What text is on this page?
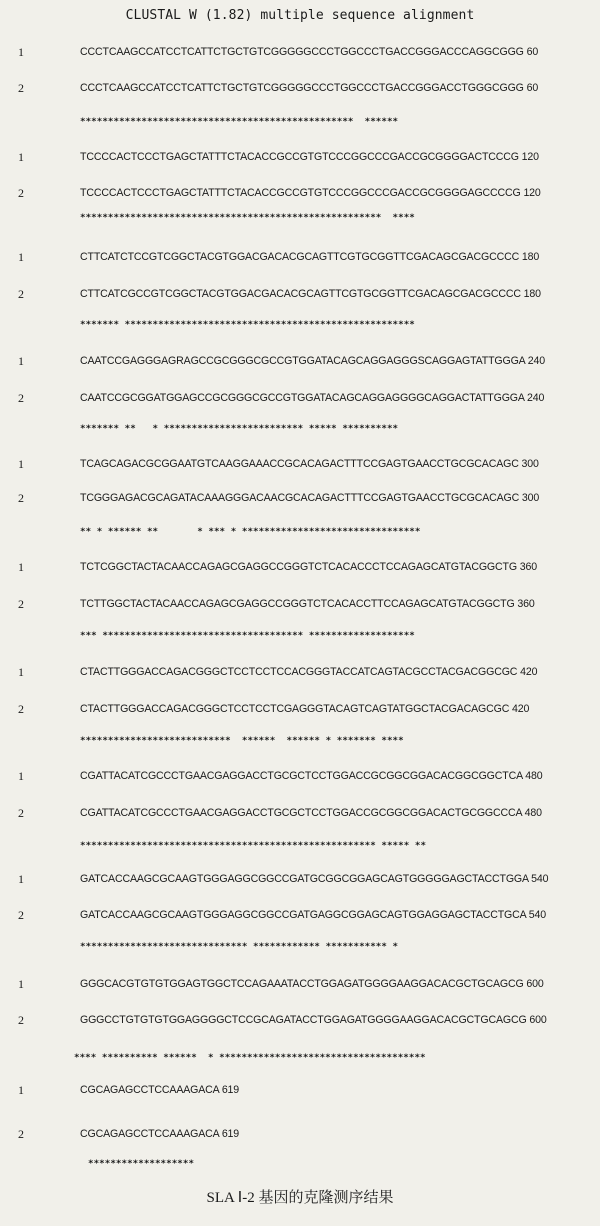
CLUSTAL W (1.82) multiple sequence alignment
1	CCCTCAAGCCATCCTCATTCTGCTGTCGGGGGCCCTGGCCCTGACCGGGACCCAGGCGGG 60
2	CCCTCAAGCCATCCTCATTCTGCTGTCGGGGGCCCTGGCCCTGACCGGGACCTGGGCGGG 60
*************************************************  ******
1	TCCCCACTCCCTGAGCTATTTCTACACCGCCGTGTCCCGGCCCGACCGCGGGGACTCCCG 120
2	TCCCCACTCCCTGAGCTATTTCTACACCGCCGTGTCCCGGCCCGACCGCGGGGAGCCCCG 120
******************************************************  ****
1	CTTCATCTCCGTCGGCTACGTGGACGACACGCAGTTCGTGCGGTTCGACAGCGACGCCCC 180
2	CTTCATCGCCGTCGGCTACGTGGACGACACGCAGTTCGTGCGGTTCGACAGCGACGCCCC 180
******* ****************************************************
1	CAATCCGAGGGAGRAGCCGCGGGCGCCGTGGATACAGCAGGAGGGSCAGGAGTATTGGGA 240
2	CAATCCGCGGATGGAGCCGCGGGCGCCGTGGATACAGCAGGAGGGGCAGGACTATTGGGA 240
******* **   * ************************* ***** **********
1	TCAGCAGACGCGGAATGTCAAGGAAACCGCACAGACTTTCCGAGTGAACCTGCGCACAGC 300
2	TCGGGAGACGCAGATACAAAGGGACAACGCACAGACTTTCCGAGTGAACCTGCGCACAGC 300
** * ****** **       * *** * ********************************
1	TCTCGGCTACTACAACCAGAGCGAGGCCGGGTCTCACACCCTCCAGAGCATGTACGGCTG 360
2	TCTTGGCTACTACAACCAGAGCGAGGCCGGGTCTCACACCTTCCAGAGCATGTACGGCTG 360
*** ************************************ *******************
1	CTACTTGGGACCAGACGGGCTCCTCCTCCACGGGTACCATCAGTACGCCTACGACGGCGC 420
2	CTACTTGGGACCAGACGGGCTCCTCCTCGAGGGTACAGTCAGTATGGCTACGACAGCGC 420
***************************  ******  ****** * ******* ****
1	CGATTACATCGCCCTGAACGAGGACCTGCGCTCCTGGACCGCGGCGGACACGGCGGCTCA 480
2	CGATTACATCGCCCTGAACGAGGACCTGCGCTCCTGGACCGCGGCGGACACTGCGGCCCA 480
***************************************************** ***** **
1	GATCACCAAGCGCAAGTGGGAGGCGGCCGATGCGGCGGAGCAGTGGGGGAGCTACCTGGA 540
2	GATCACCAAGCGCAAGTGGGAGGCGGCCGATGAGGCGGAGCAGTGGAGGAGCTACCTGCA 540
****************************** ************ *********** *
1	GGGCACGTGTGTGGAGTGGCTCCAGAAATACCTGGAGATGGGGAAGGACACGCTGCAGCG 600
2	GGGCCTGTGTGTGGAGGGGCTCCGCAGATACCTGGAGATGGGGAAGGACACGCTGCAGCG 600
**** ********** ******  * *************************************
1	CGCAGAGCCTCCAAAGACA 619
2	CGCAGAGCCTCCAAAGACA 619
*******************
SLA Ⅰ-2 基因的克隆测序结果
